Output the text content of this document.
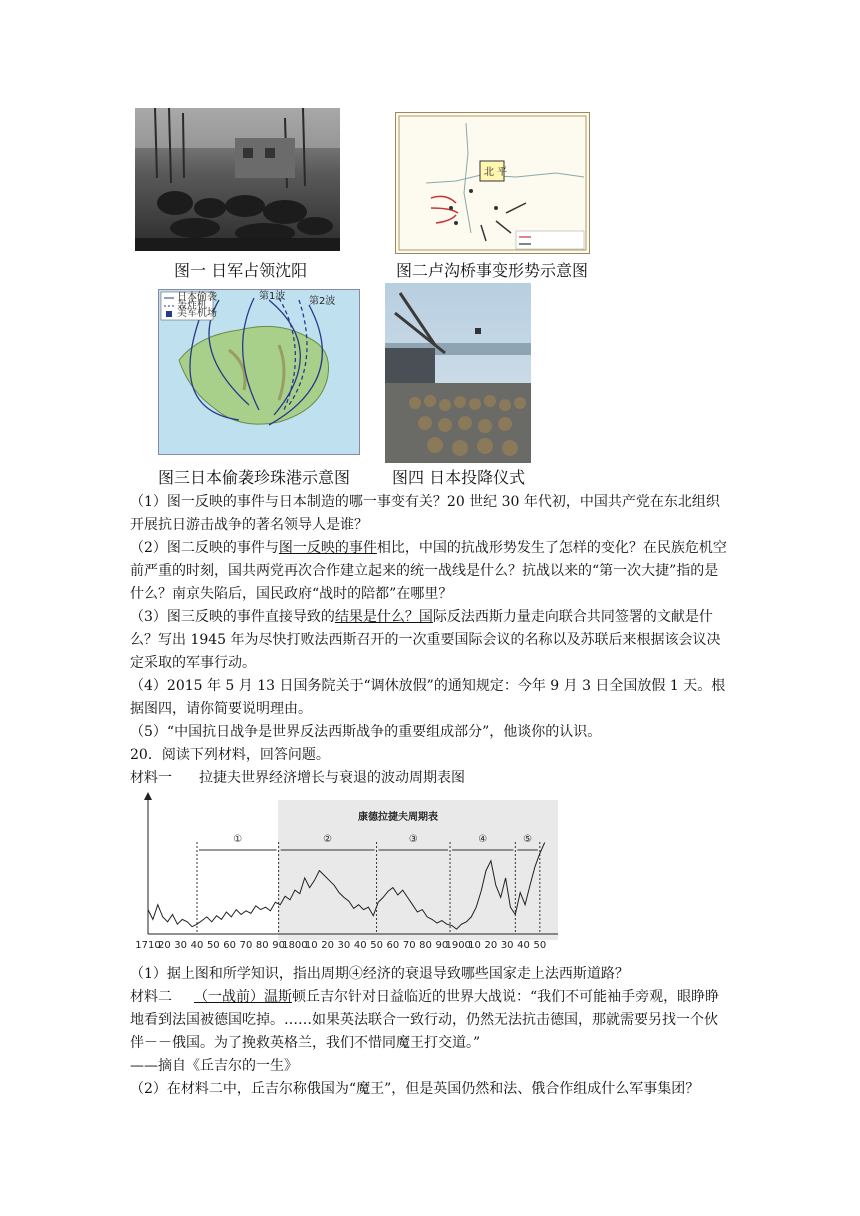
北 平
图一 日军占领沈阳	图二卢沟桥事变形势示意图
日本偷袭
轰炸机
美军机场
第1波 第2波
图三日本偷袭珍珠港示意图	图四 日本投降仪式
（1）图一反映的事件与日本制造的哪一事变有关？20 世纪 30 年代初，中国共产党在东北组织开展抗日游击战争的著名领导人是谁？
（2）图二反映的事件与图一反映的事件相比，中国的抗战形势发生了怎样的变化？在民族危机空前严重的时刻，国共两党再次合作建立起来的统一战线是什么？抗战以来的“第一次大捷”指的是什么？南京失陷后，国民政府“战时的陪都”在哪里？
（3）图三反映的事件直接导致的结果是什么？国际反法西斯力量走向联合共同签署的文献是什么？写出 1945 年为尽快打败法西斯召开的一次重要国际会议的名称以及苏联后来根据该会议决定采取的军事行动。
（4）2015 年 5 月 13 日国务院关于“调休放假”的通知规定：今年 9 月 3 日全国放假 1 天。根据图四，请你简要说明理由。
（5）“中国抗日战争是世界反法西斯战争的重要组成部分”，他谈你的认识。
20．阅读下列材料，回答问题。
材料一 拉捷夫世界经济增长与衰退的波动周期表图
康德拉捷夫周期表
①	②	③	④	⑤
1710
20 30 40 50 60 70 80 90
1800
10 20 30 40 50 60 70 80 90
1900
10 20 30 40 50
（1）据上图和所学知识，指出周期④经济的衰退导致哪些国家走上法西斯道路？
材料二 （一战前）温斯顿丘吉尔针对日益临近的世界大战说：“我们不可能袖手旁观，眼睁睁地看到法国被德国吃掉。……如果英法联合一致行动，仍然无法抗击德国，那就需要另找一个伙伴－－俄国。为了挽救英格兰，我们不惜同魔王打交道。”
——摘自《丘吉尔的一生》
（2）在材料二中，丘吉尔称俄国为“魔王”，但是英国仍然和法、俄合作组成什么军事集团？
